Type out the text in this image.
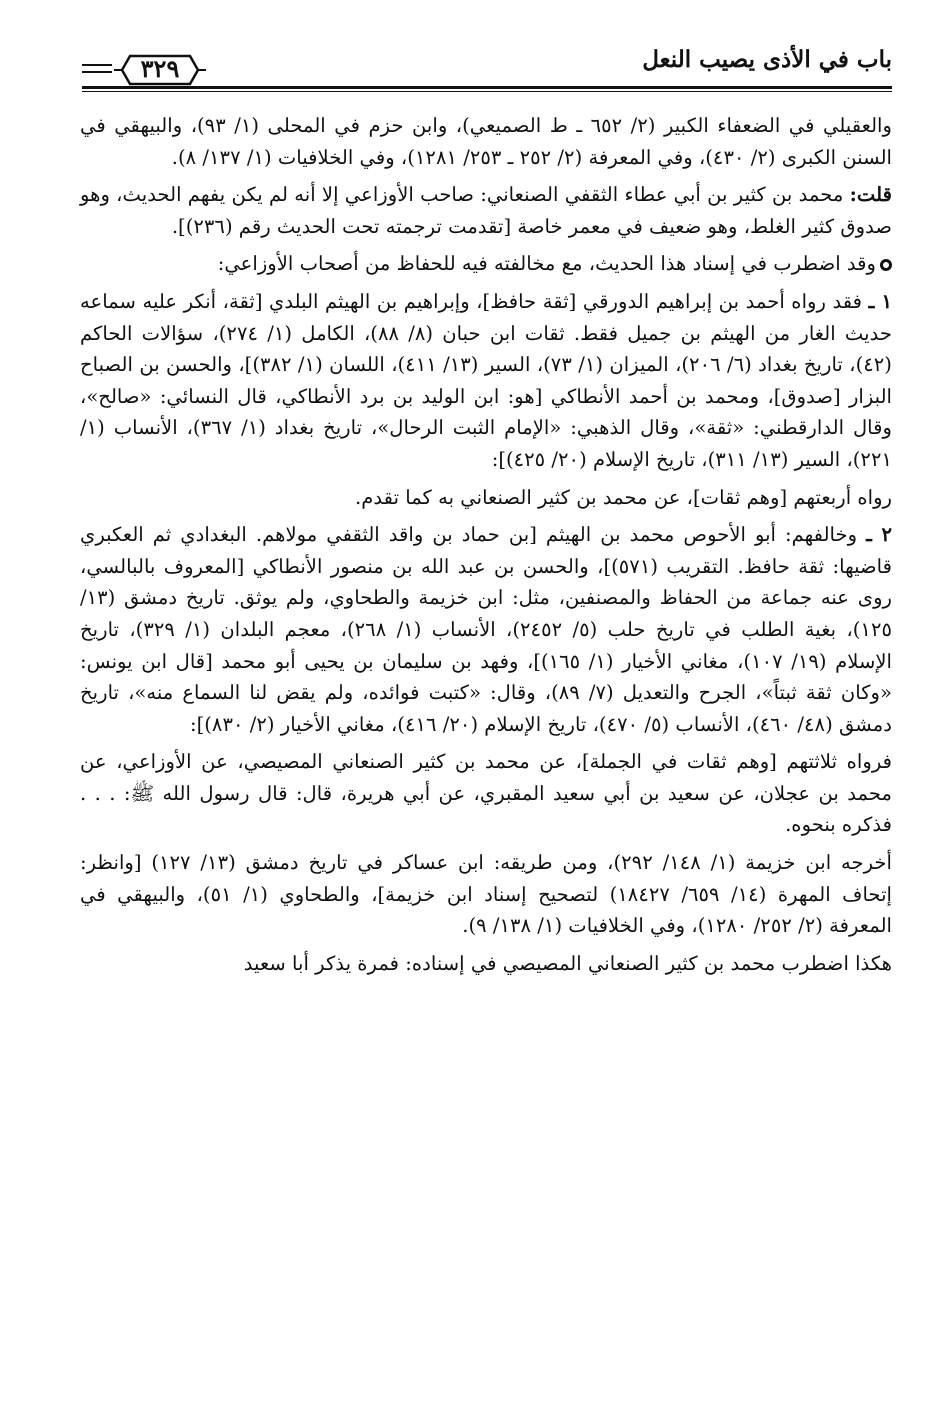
باب في الأذى يصيب النعل
٣٢٩

والعقيلي في الضعفاء الكبير (٢/ ٦٥٢ ـ ط الصميعي)، وابن حزم في المحلى (١/ ٩٣)، والبيهقي في السنن الكبرى (٢/ ٤٣٠)، وفي المعرفة (٢/ ٢٥٢ ـ ٢٥٣/ ١٢٨١)، وفي الخلافيات (١/ ١٣٧/ ٨).

قلت: محمد بن كثير بن أبي عطاء الثقفي الصنعاني: صاحب الأوزاعي إلا أنه لم يكن يفهم الحديث، وهو صدوق كثير الغلط، وهو ضعيف في معمر خاصة [تقدمت ترجمته تحت الحديث رقم (٢٣٦)].

وقد اضطرب في إسناد هذا الحديث، مع مخالفته فيه للحفاظ من أصحاب الأوزاعي:

١ ـ فقد رواه أحمد بن إبراهيم الدورقي [ثقة حافظ]، وإبراهيم بن الهيثم البلدي [ثقة، أنكر عليه سماعه حديث الغار من الهيثم بن جميل فقط. ثقات ابن حبان (٨/ ٨٨)، الكامل (١/ ٢٧٤)، سؤالات الحاكم (٤٢)، تاريخ بغداد (٦/ ٢٠٦)، الميزان (١/ ٧٣)، السير (١٣/ ٤١١)، اللسان (١/ ٣٨٢)]، والحسن بن الصباح البزار [صدوق]، ومحمد بن أحمد الأنطاكي [هو: ابن الوليد بن برد الأنطاكي، قال النسائي: «صالح»، وقال الدارقطني: «ثقة»، وقال الذهبي: «الإمام الثبت الرحال»، تاريخ بغداد (١/ ٣٦٧)، الأنساب (١/ ٢٢١)، السير (١٣/ ٣١١)، تاريخ الإسلام (٢٠/ ٤٢٥)]:

رواه أربعتهم [وهم ثقات]، عن محمد بن كثير الصنعاني به كما تقدم.

٢ ـ وخالفهم: أبو الأحوص محمد بن الهيثم [بن حماد بن واقد الثقفي مولاهم. البغدادي ثم العكبري قاضيها: ثقة حافظ. التقريب (٥٧١)]، والحسن بن عبد الله بن منصور الأنطاكي [المعروف بالبالسي، روى عنه جماعة من الحفاظ والمصنفين، مثل: ابن خزيمة والطحاوي، ولم يوثق. تاريخ دمشق (١٣/ ١٢٥)، بغية الطلب في تاريخ حلب (٥/ ٢٤٥٢)، الأنساب (١/ ٢٦٨)، معجم البلدان (١/ ٣٢٩)، تاريخ الإسلام (١٩/ ١٠٧)، مغاني الأخيار (١/ ١٦٥)]، وفهد بن سليمان بن يحيى أبو محمد [قال ابن يونس: «وكان ثقة ثبتاً»، الجرح والتعديل (٧/ ٨٩)، وقال: «كتبت فوائده، ولم يقض لنا السماع منه»، تاريخ دمشق (٤٨/ ٤٦٠)، الأنساب (٥/ ٤٧٠)، تاريخ الإسلام (٢٠/ ٤١٦)، مغاني الأخيار (٢/ ٨٣٠)]:

فرواه ثلاثتهم [وهم ثقات في الجملة]، عن محمد بن كثير الصنعاني المصيصي، عن الأوزاعي، عن محمد بن عجلان، عن سعيد بن أبي سعيد المقبري، عن أبي هريرة، قال: قال رسول الله ﷺ: . . . فذكره بنحوه.

أخرجه ابن خزيمة (١/ ١٤٨/ ٢٩٢)، ومن طريقه: ابن عساكر في تاريخ دمشق (١٣/ ١٢٧) [وانظر: إتحاف المهرة (١٤/ ٦٥٩/ ١٨٤٢٧) لتصحيح إسناد ابن خزيمة]، والطحاوي (١/ ٥١)، والبيهقي في المعرفة (٢/ ٢٥٢/ ١٢٨٠)، وفي الخلافيات (١/ ١٣٨/ ٩).

هكذا اضطرب محمد بن كثير الصنعاني المصيصي في إسناده: فمرة يذكر أبا سعيد
